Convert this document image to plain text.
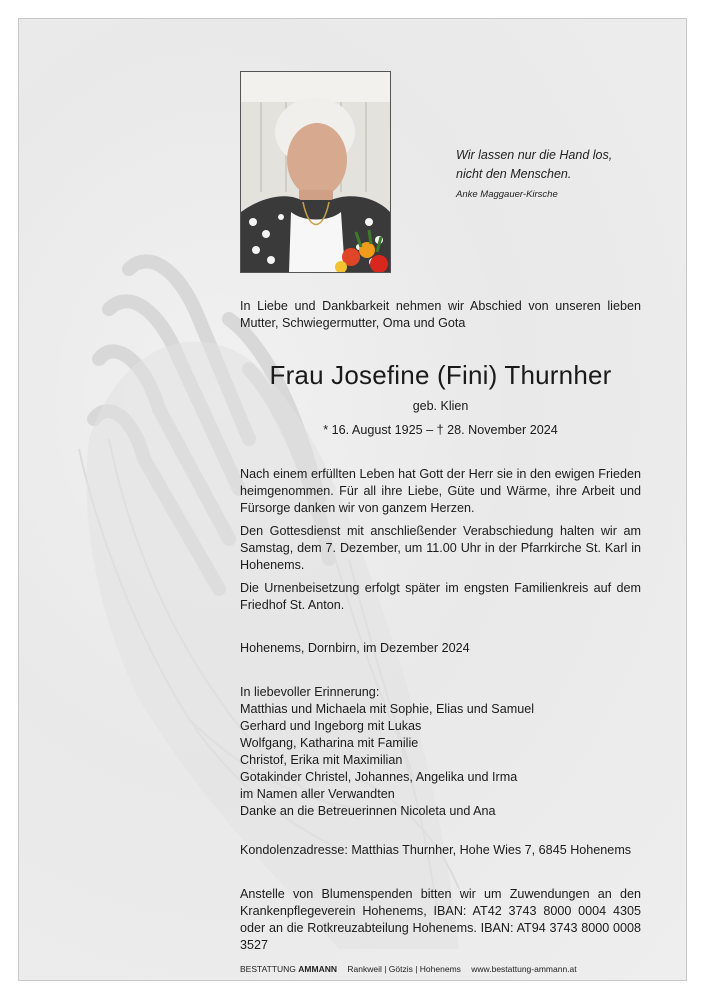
Wir lassen nur die Hand los,
nicht den Menschen.
Anke Maggauer-Kirsche
In Liebe und Dankbarkeit nehmen wir Abschied von unseren lieben Mutter, Schwiegermutter, Oma und Gota
Frau Josefine (Fini) Thurnher
geb. Klien
* 16. August 1925 – † 28. November 2024
Nach einem erfüllten Leben hat Gott der Herr sie in den ewigen Frieden heimgenommen. Für all ihre Liebe, Güte und Wärme, ihre Arbeit und Fürsorge danken wir von ganzem Herzen.
Den Gottesdienst mit anschließender Verabschiedung halten wir am Samstag, dem 7. Dezember, um 11.00 Uhr in der Pfarrkirche St. Karl in Hohenems.
Die Urnenbeisetzung erfolgt später im engsten Familienkreis auf dem Friedhof St. Anton.
Hohenems, Dornbirn, im Dezember 2024
In liebevoller Erinnerung:
Matthias und Michaela mit Sophie, Elias und Samuel
Gerhard und Ingeborg mit Lukas
Wolfgang, Katharina mit Familie
Christof, Erika mit Maximilian
Gotakinder Christel, Johannes, Angelika und Irma
im Namen aller Verwandten
Danke an die Betreuerinnen Nicoleta und Ana
Kondolenzadresse: Matthias Thurnher, Hohe Wies 7, 6845 Hohenems
Anstelle von Blumenspenden bitten wir um Zuwendungen an den Krankenpflegeverein Hohenems, IBAN: AT42 3743 8000 0004 4305 oder an die Rotkreuzabteilung Hohenems. IBAN: AT94 3743 8000 0008 3527
BESTATTUNG AMMANN Rankweil | Götzis | Hohenems www.bestattung-ammann.at
